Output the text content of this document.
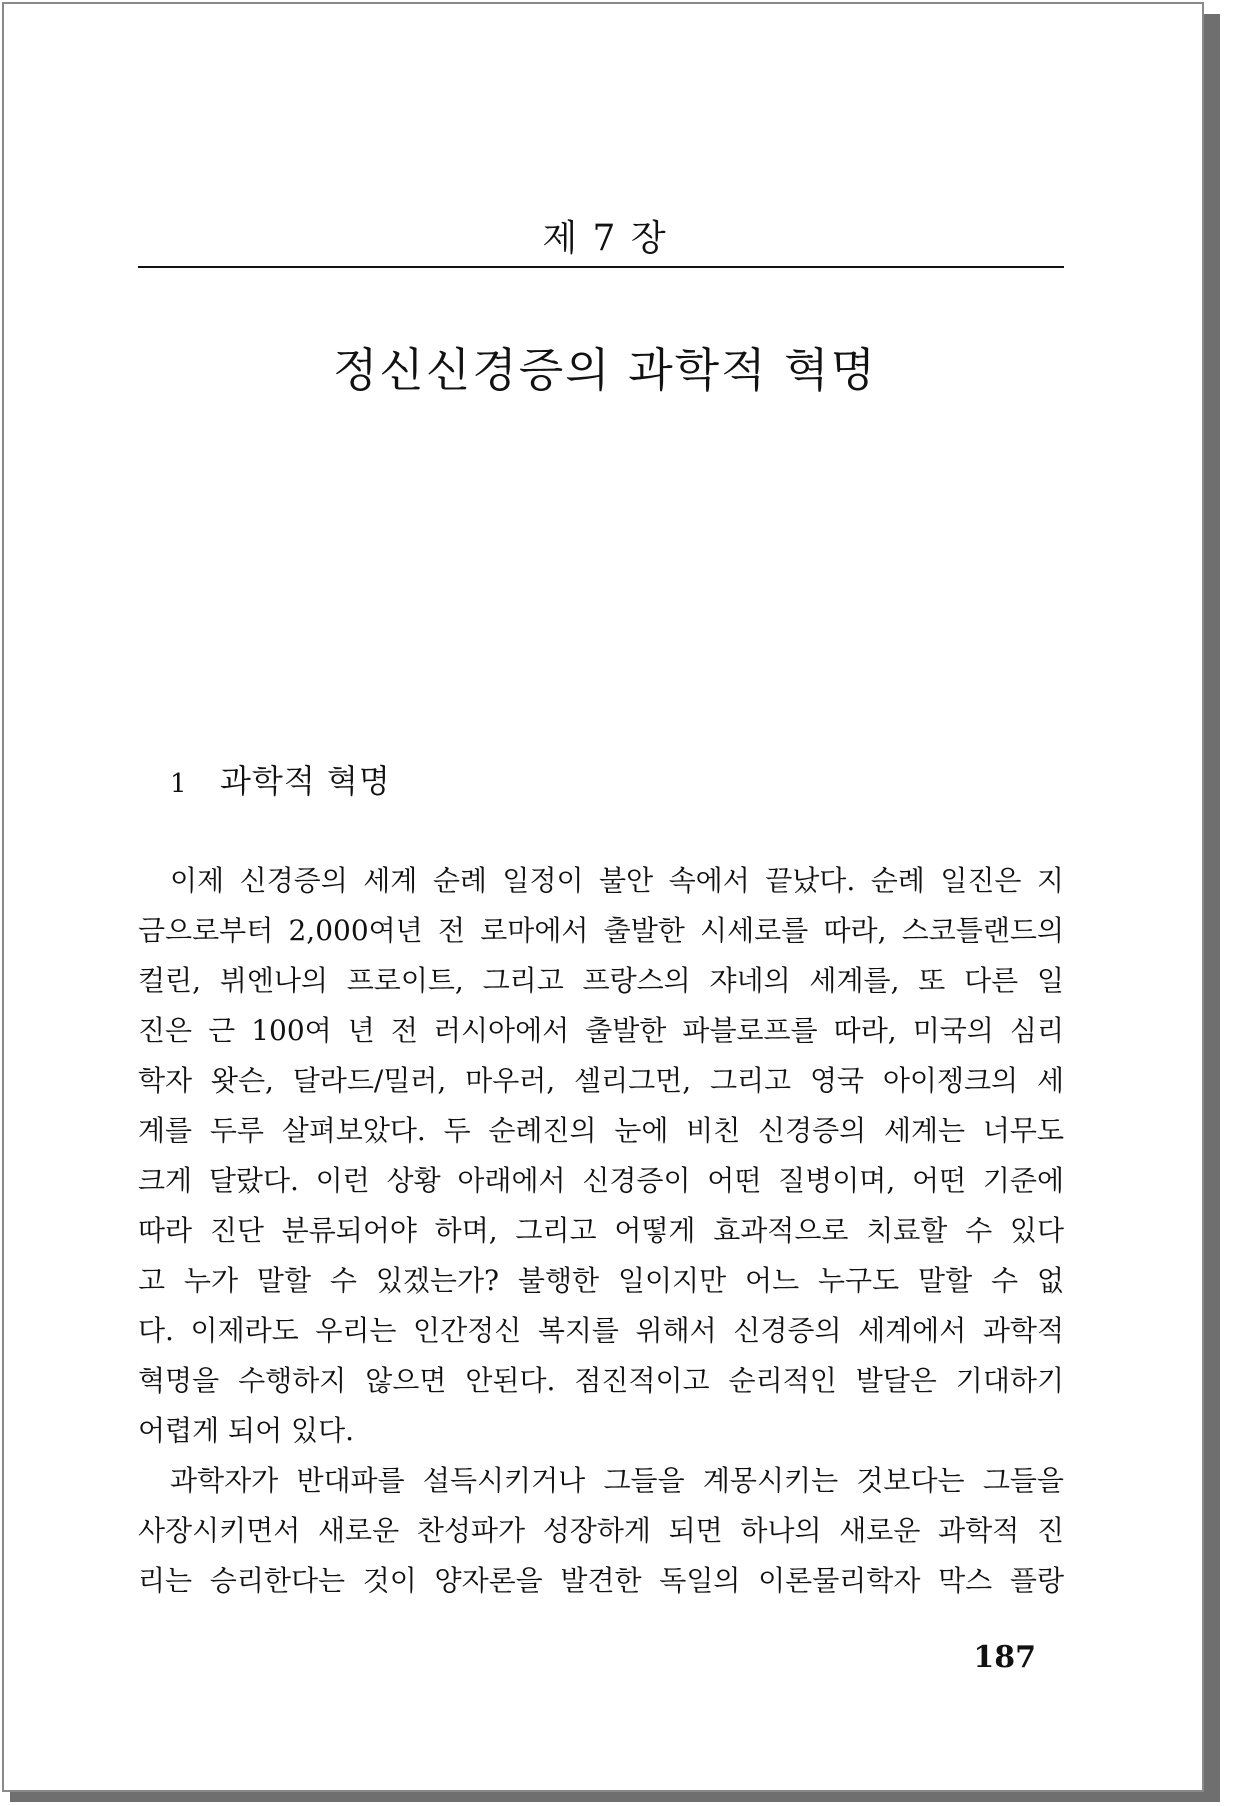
제 7 장
정신신경증의 과학적 혁명
1 과학적 혁명
이제 신경증의 세계 순례 일정이 불안 속에서 끝났다. 순례 일진은 지
금으로부터 2,000여년 전 로마에서 출발한 시세로를 따라, 스코틀랜드의
컬린, 뷔엔나의 프로이트, 그리고 프랑스의 쟈네의 세계를, 또 다른 일
진은 근 100여 년 전 러시아에서 출발한 파블로프를 따라, 미국의 심리
학자 왓슨, 달라드/밀러, 마우러, 셀리그먼, 그리고 영국 아이젱크의 세
계를 두루 살펴보았다. 두 순례진의 눈에 비친 신경증의 세계는 너무도
크게 달랐다. 이런 상황 아래에서 신경증이 어떤 질병이며, 어떤 기준에
따라 진단 분류되어야 하며, 그리고 어떻게 효과적으로 치료할 수 있다
고 누가 말할 수 있겠는가? 불행한 일이지만 어느 누구도 말할 수 없
다. 이제라도 우리는 인간정신 복지를 위해서 신경증의 세계에서 과학적
혁명을 수행하지 않으면 안된다. 점진적이고 순리적인 발달은 기대하기
어렵게 되어 있다.
과학자가 반대파를 설득시키거나 그들을 계몽시키는 것보다는 그들을
사장시키면서 새로운 찬성파가 성장하게 되면 하나의 새로운 과학적 진
리는 승리한다는 것이 양자론을 발견한 독일의 이론물리학자 막스 플랑
187
